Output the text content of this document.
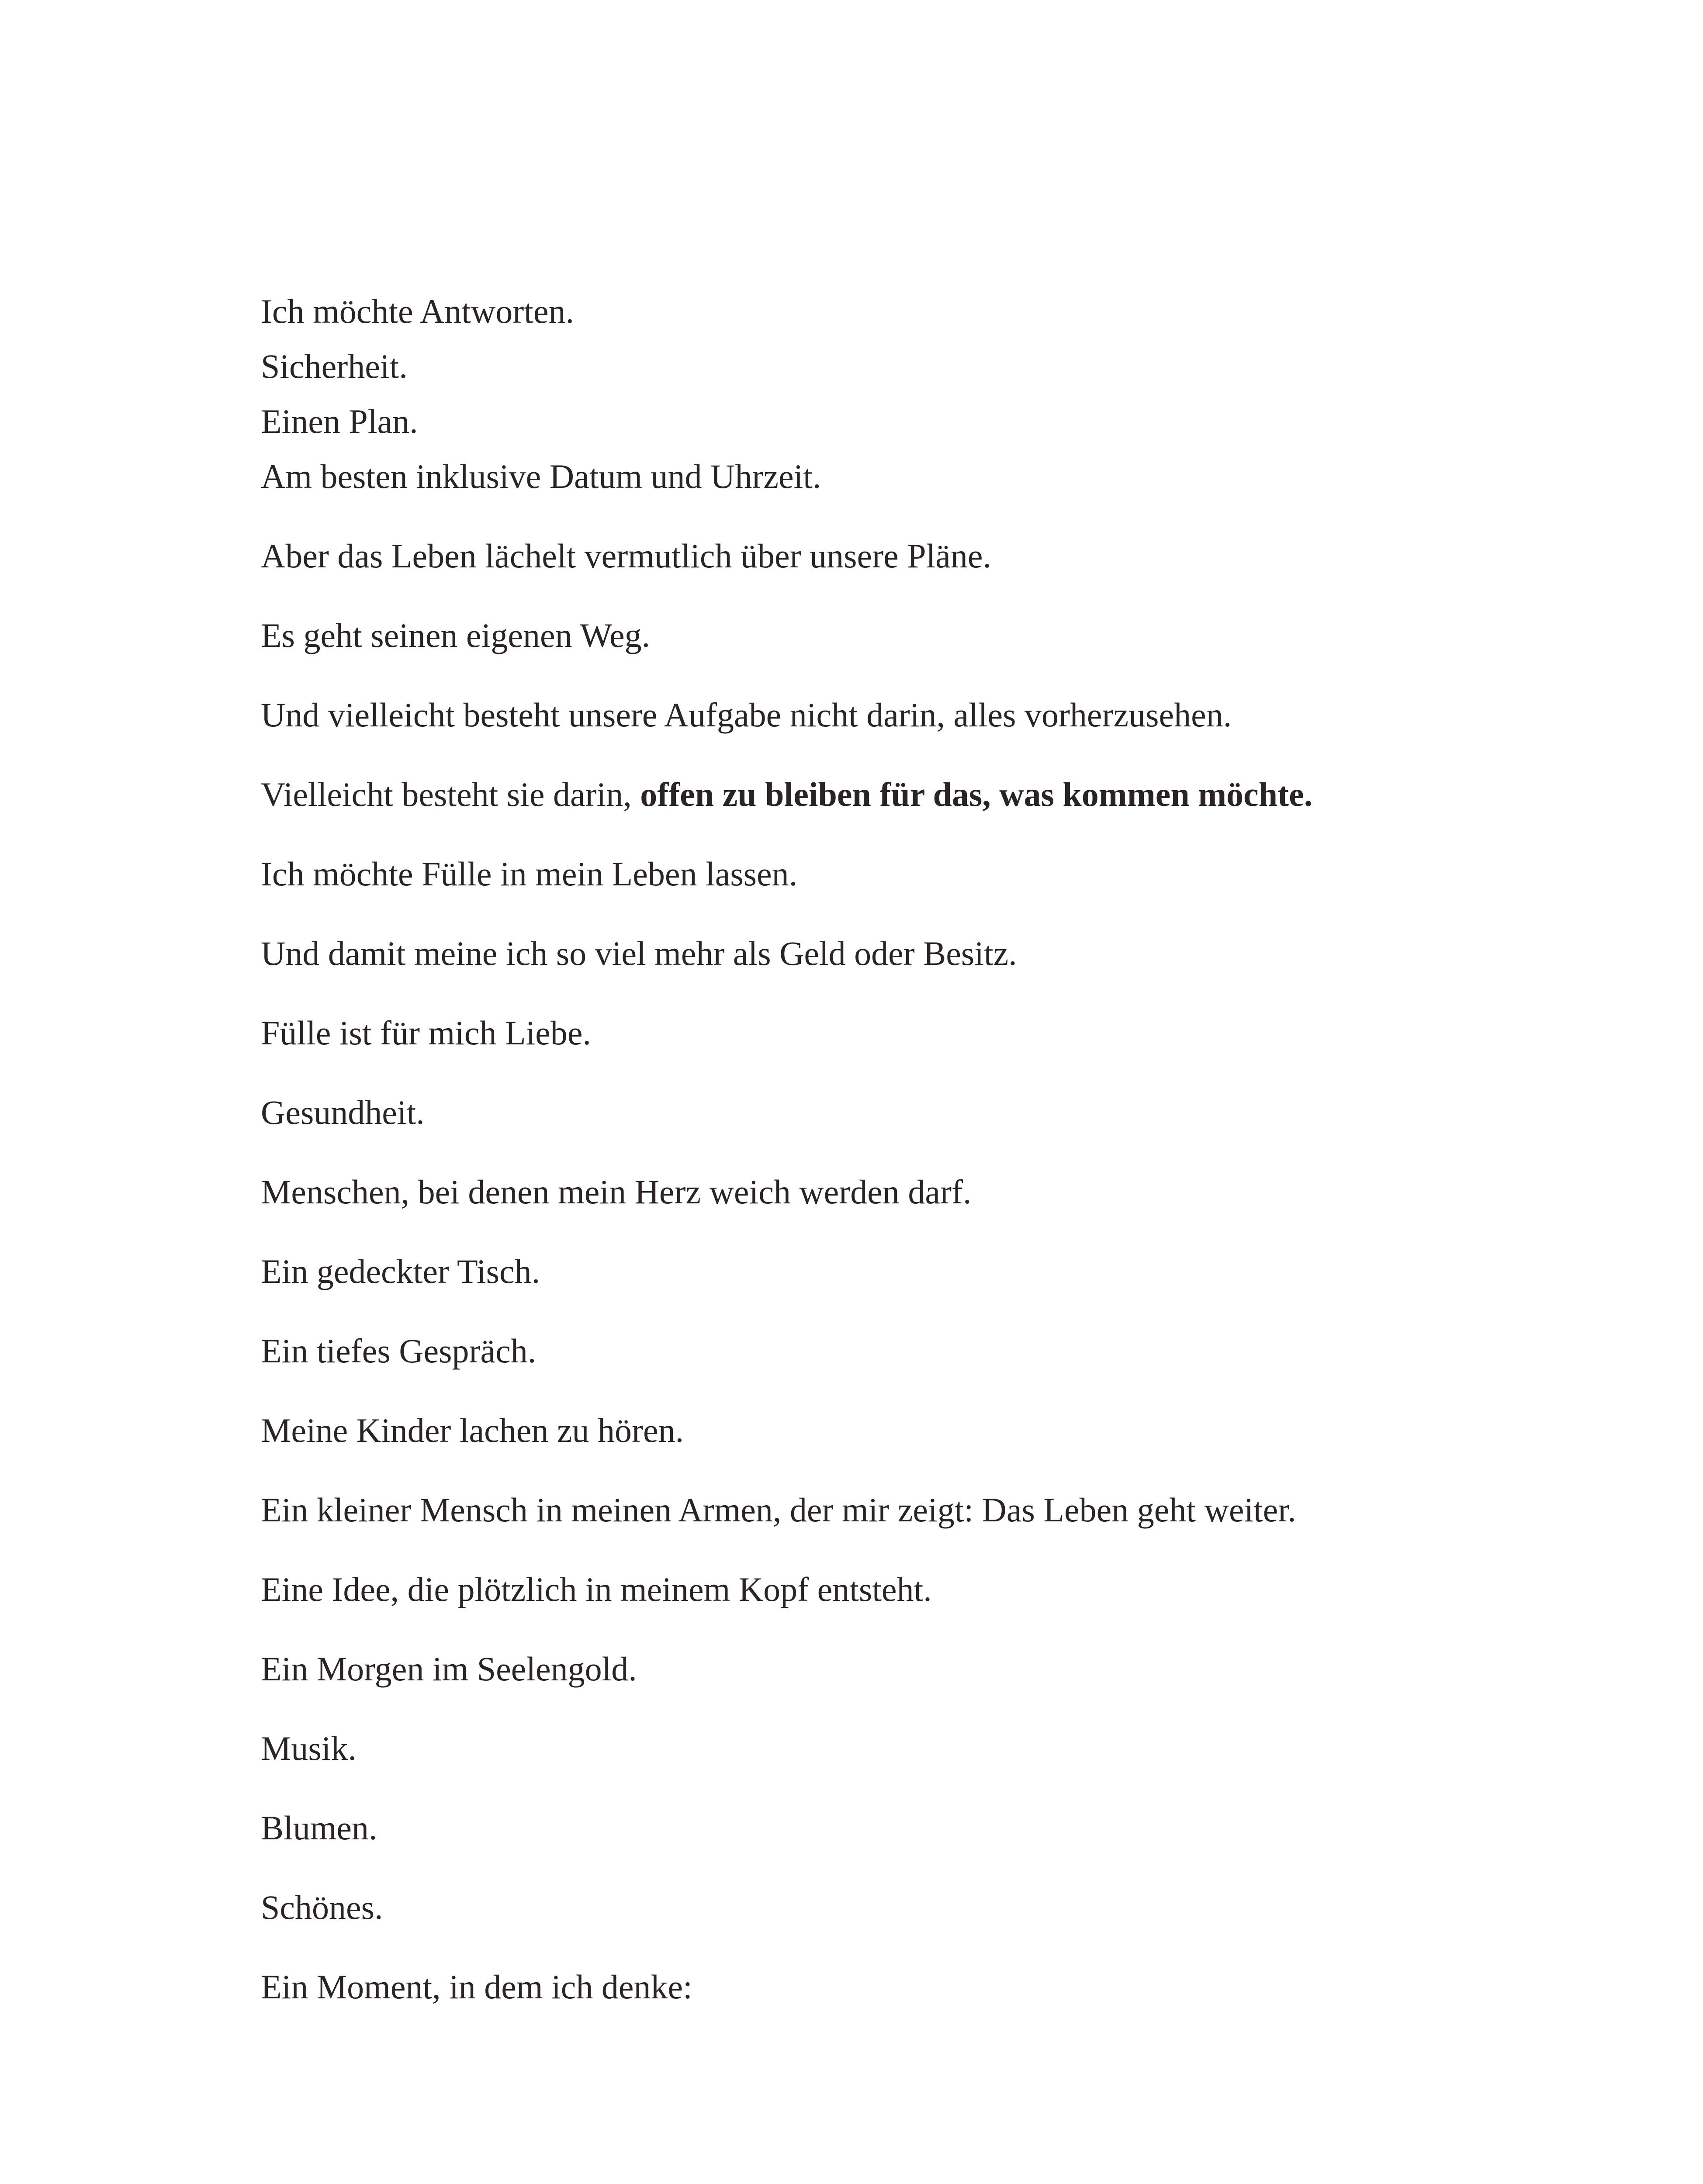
Ich möchte Antworten.
Sicherheit.
Einen Plan.
Am besten inklusive Datum und Uhrzeit.

Aber das Leben lächelt vermutlich über unsere Pläne.

Es geht seinen eigenen Weg.

Und vielleicht besteht unsere Aufgabe nicht darin, alles vorherzusehen.

Vielleicht besteht sie darin, offen zu bleiben für das, was kommen möchte.

Ich möchte Fülle in mein Leben lassen.

Und damit meine ich so viel mehr als Geld oder Besitz.

Fülle ist für mich Liebe.

Gesundheit.

Menschen, bei denen mein Herz weich werden darf.

Ein gedeckter Tisch.

Ein tiefes Gespräch.

Meine Kinder lachen zu hören.

Ein kleiner Mensch in meinen Armen, der mir zeigt: Das Leben geht weiter.

Eine Idee, die plötzlich in meinem Kopf entsteht.

Ein Morgen im Seelengold.

Musik.

Blumen.

Schönes.

Ein Moment, in dem ich denke:
